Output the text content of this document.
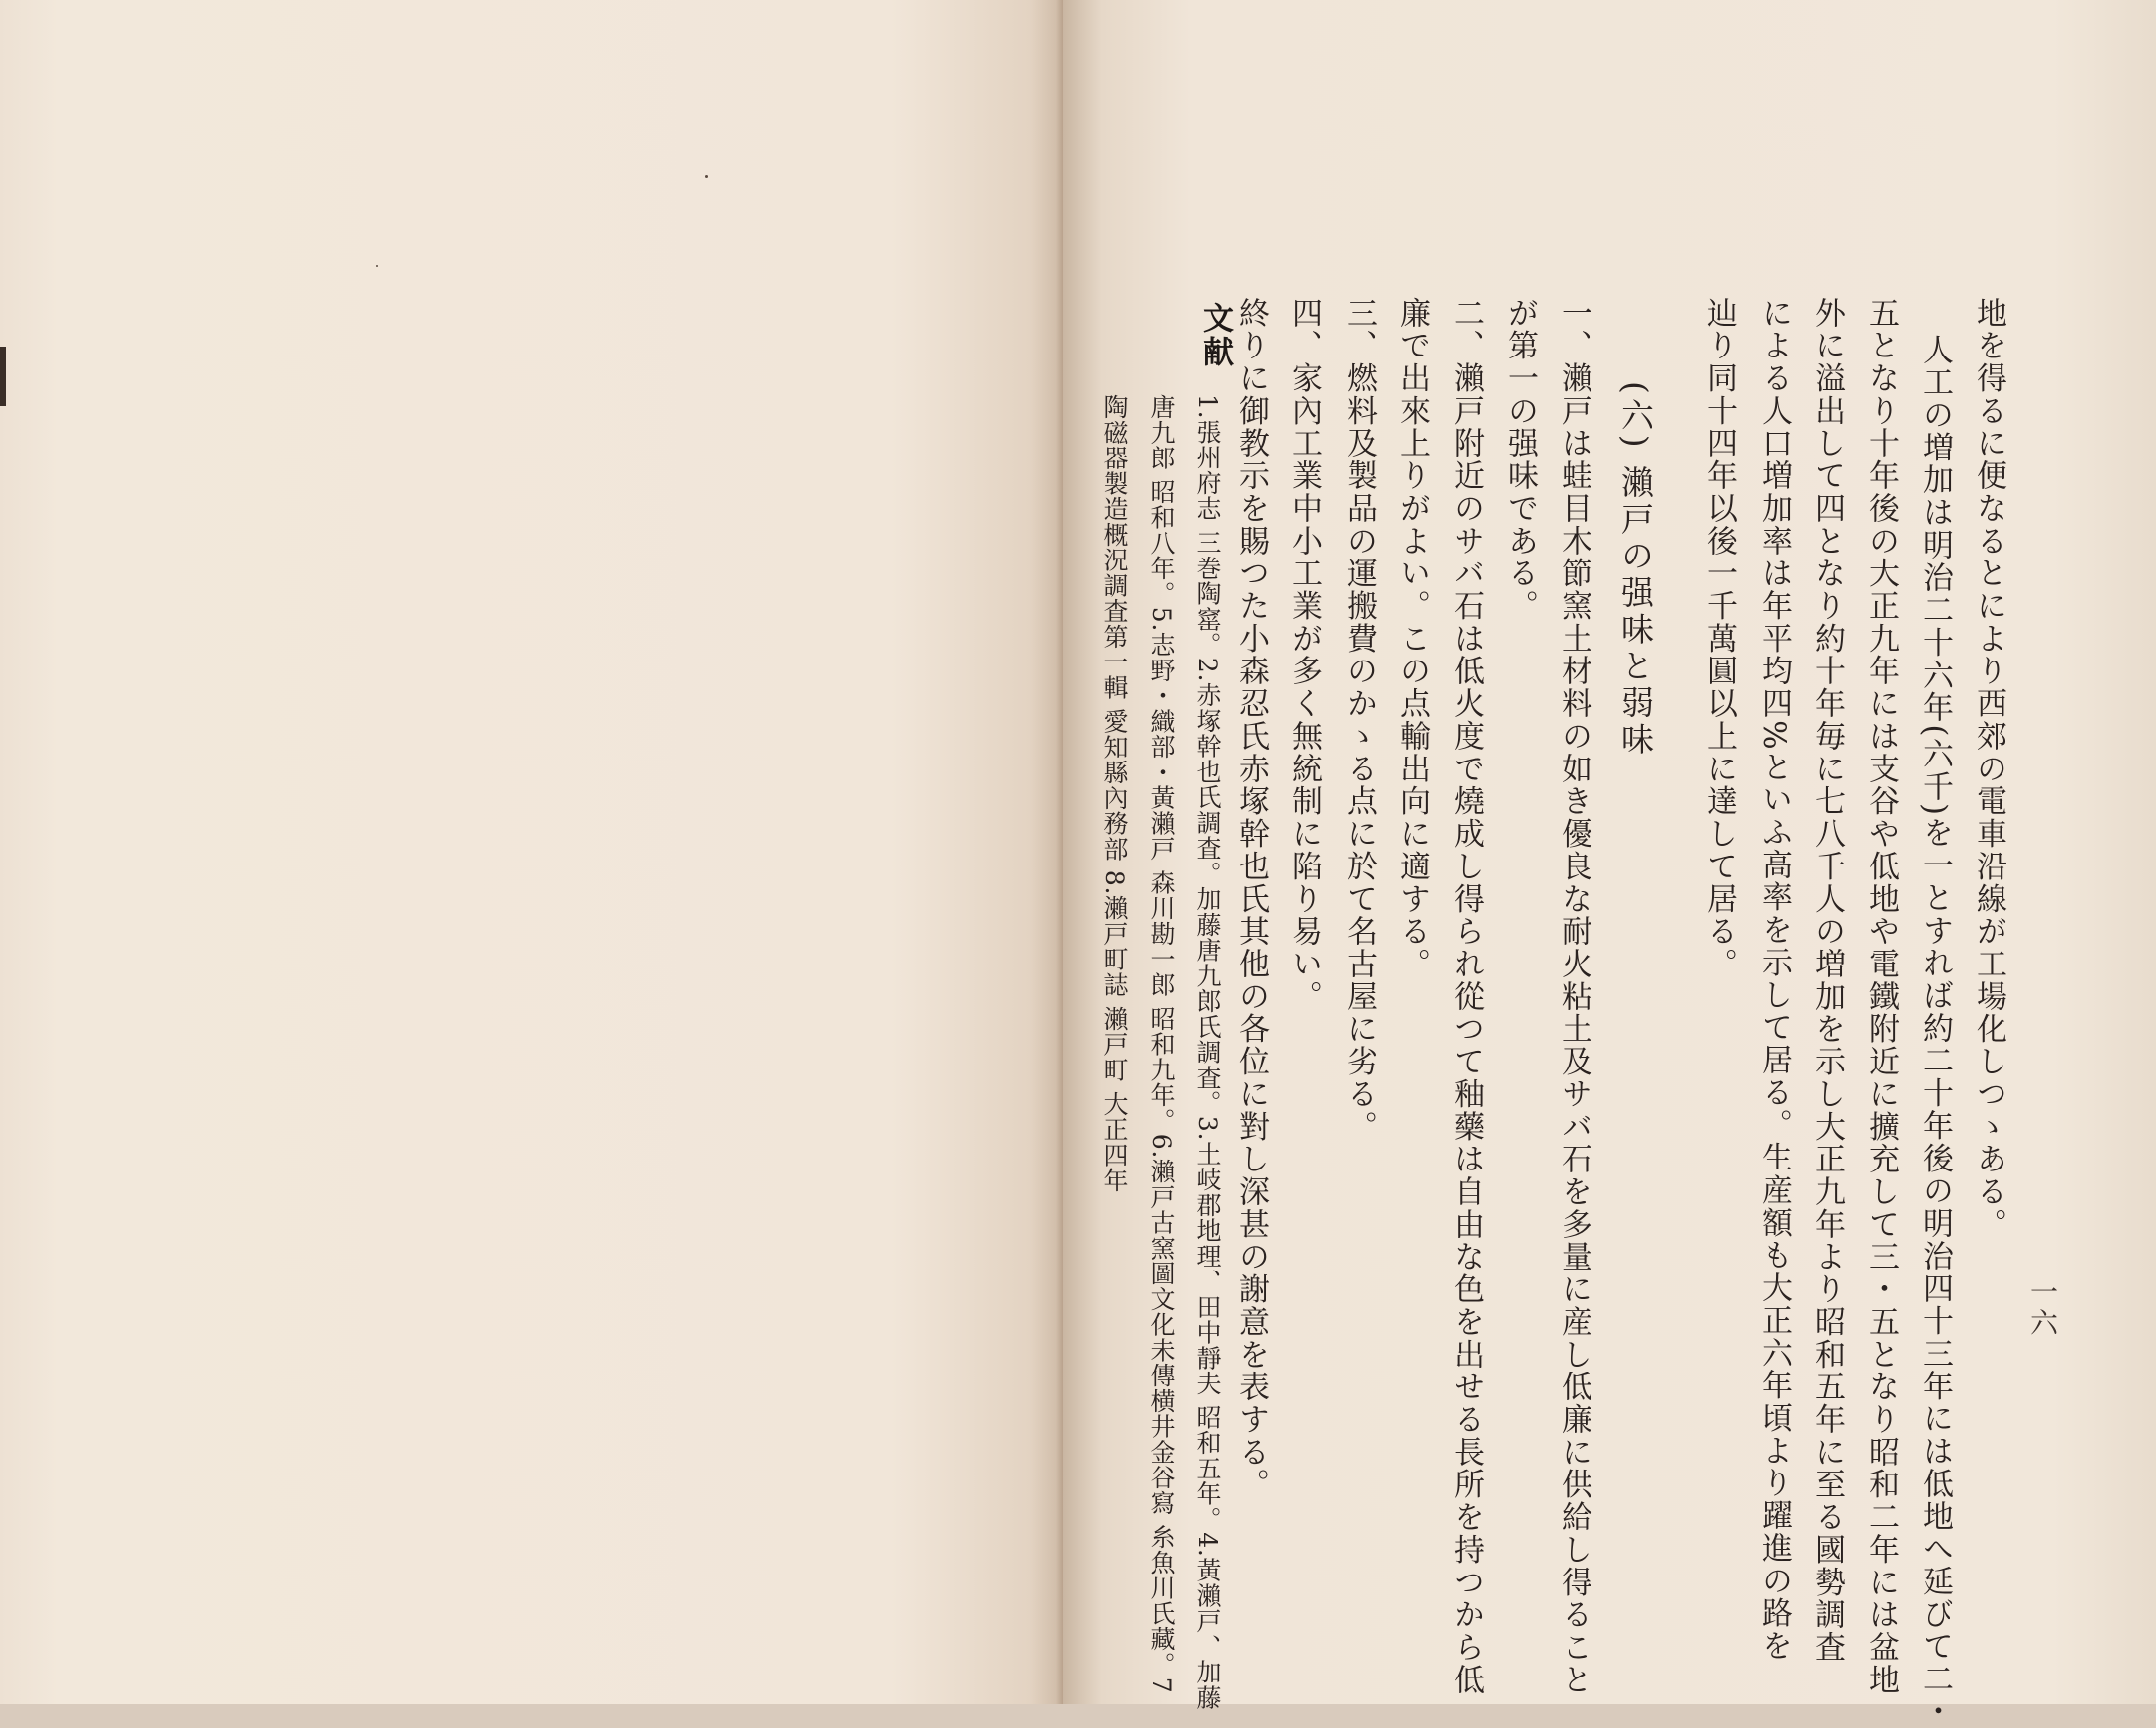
地を得るに便なるとにより西郊の電車沿線が工場化しつゝある。
人工の増加は明治二十六年(六千)を一とすれば約二十年後の明治四十三年には低地へ延びて二・
五となり十年後の大正九年には支谷や低地や電鐵附近に擴充して三・五となり昭和二年には盆地
外に溢出して四となり約十年毎に七八千人の増加を示し大正九年より昭和五年に至る國勢調査
による人口増加率は年平均四%といふ高率を示して居る。生産額も大正六年頃より躍進の路を
辿り同十四年以後一千萬圓以上に達して居る。
(六) 瀨戸の强味と弱味
一、瀨戸は蛙目木節窯土材料の如き優良な耐火粘土及サバ石を多量に産し低廉に供給し得ること
が第一の强味である。
二、瀨戸附近のサバ石は低火度で燒成し得られ從つて釉藥は自由な色を出せる長所を持つから低
廉で出來上りがよい。この点輸出向に適する。
三、燃料及製品の運搬費のかゝる点に於て名古屋に劣る。
四、家內工業中小工業が多く無統制に陷り易い。
終りに御教示を賜つた小森忍氏赤塚幹也氏其他の各位に對し深甚の謝意を表する。
文献
1.張州府志 三巻陶窰。2.赤塚幹也氏調査。加藤唐九郎氏調査。3.土岐郡地理、田中靜夫 昭和五年。4.黃瀨戸、加藤
唐九郎 昭和八年。5.志野・織部・黃瀨戸 森川勘一郎 昭和九年。6.瀨戸古窯圖文化未傳横井金谷寫 糸魚川氏藏。7
陶磁器製造概況調査第一輯 愛知縣內務部 8.瀨戸町誌 瀨戸町 大正四年
一六
